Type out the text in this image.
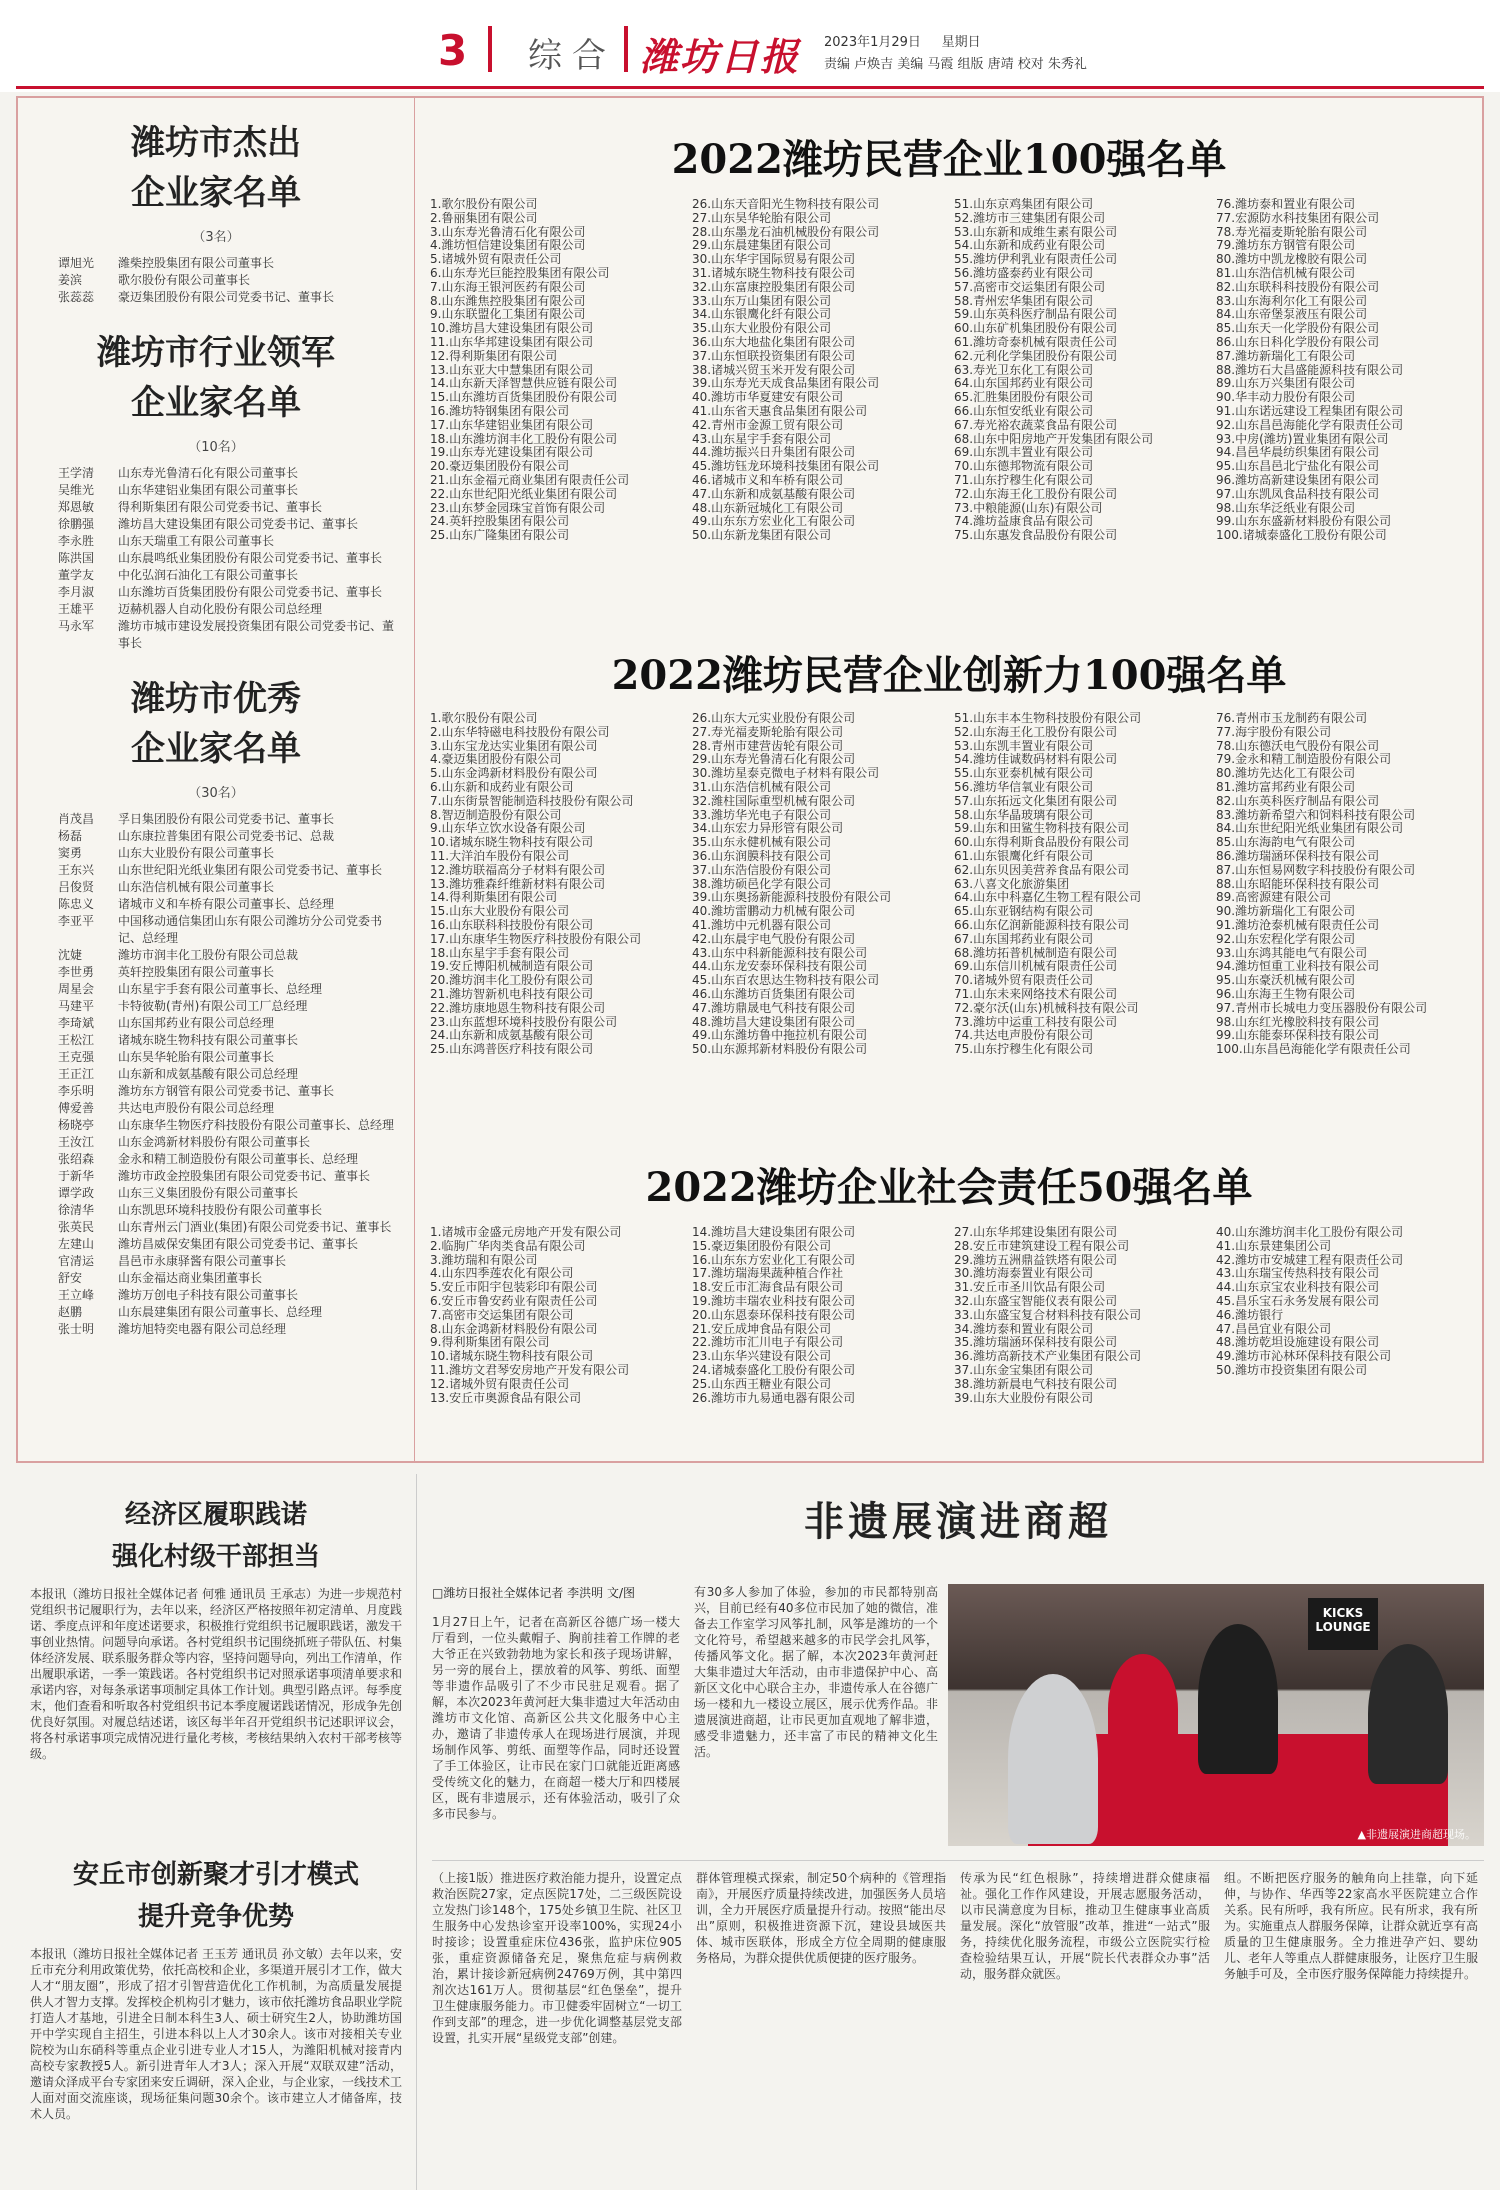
3 综合 潍坊日报 2023年1月29日 星期日
责编 卢焕吉 美编 马霞 组版 唐靖 校对 朱秀礼
潍坊市杰出
企业家名单
（3名）
谭旭光 潍柴控股集团有限公司董事长
姜滨	歌尔股份有限公司董事长
张蕊蕊 豪迈集团股份有限公司党委书记、董事长
潍坊市行业领军
企业家名单
（10名）
王学清 山东寿光鲁清石化有限公司董事长
吴维光 山东华建铝业集团有限公司董事长
郑恩敏 得利斯集团有限公司党委书记、董事长
徐鹏强 潍坊昌大建设集团有限公司党委书记、董事长
李永胜 山东天瑞重工有限公司董事长
陈洪国 山东晨鸣纸业集团股份有限公司党委书记、董事长
董学友 中化弘润石油化工有限公司董事长
李月淑 山东潍坊百货集团股份有限公司党委书记、董事长
王雄平 迈赫机器人自动化股份有限公司总经理
马永军 潍坊市城市建设发展投资集团有限公司党委书记、董事长
潍坊市优秀
企业家名单
（30名）
肖茂昌 孚日集团股份有限公司党委书记、董事长
杨磊	山东康拉普集团有限公司党委书记、总裁
窦勇	山东大业股份有限公司董事长
王东兴 山东世纪阳光纸业集团有限公司党委书记、董事长
吕俊贤 山东浩信机械有限公司董事长
陈忠义 诸城市义和车桥有限公司董事长、总经理
李亚平 中国移动通信集团山东有限公司潍坊分公司党委书记、总经理
沈婕	潍坊市润丰化工股份有限公司总裁
李世勇 英轩控股集团有限公司董事长
周星会 山东星宇手套有限公司董事长、总经理
马建平 卡特彼勒(青州)有限公司工厂总经理
李琦斌 山东国邦药业有限公司总经理
王松江 诸城东晓生物科技有限公司董事长
王克强 山东昊华轮胎有限公司董事长
王正江 山东新和成氨基酸有限公司总经理
李乐明 潍坊东方钢管有限公司党委书记、董事长
傅爱善 共达电声股份有限公司总经理
杨晓亭 山东康华生物医疗科技股份有限公司董事长、总经理
王汝江 山东金鸿新材料股份有限公司董事长
张绍森 金永和精工制造股份有限公司董事长、总经理
于新华 潍坊市政金控股集团有限公司党委书记、董事长
谭学政 山东三义集团股份有限公司董事长
徐清华 山东凯思环境科技股份有限公司董事长
张英民 山东青州云门酒业(集团)有限公司党委书记、董事长
左建山 潍坊昌威保安集团有限公司党委书记、董事长
官清运 昌邑市永康驿酱有限公司董事长
舒安	山东金福达商业集团董事长
王立峰 潍坊万创电子科技有限公司董事长
赵鹏	山东晨建集团有限公司董事长、总经理
张士明 潍坊旭特奕电器有限公司总经理
2022潍坊民营企业100强名单
1.歌尔股份有限公司
2.鲁丽集团有限公司
3.山东寿光鲁清石化有限公司
4.潍坊恒信建设集团有限公司
5.诸城外贸有限责任公司
6.山东寿光巨能控股集团有限公司
7.山东海王银河医药有限公司
8.山东潍焦控股集团有限公司
9.山东联盟化工集团有限公司
10.潍坊昌大建设集团有限公司
11.山东华邦建设集团有限公司
12.得利斯集团有限公司
13.山东亚大中慧集团有限公司
14.山东新天泽智慧供应链有限公司
15.山东潍坊百货集团股份有限公司
16.潍坊特钢集团有限公司
17.山东华建铝业集团有限公司
18.山东潍坊润丰化工股份有限公司
19.山东寿光建设集团有限公司
20.豪迈集团股份有限公司
21.山东金福元商业集团有限责任公司
22.山东世纪阳光纸业集团有限公司
23.山东梦金园珠宝首饰有限公司
24.英轩控股集团有限公司
25.山东广隆集团有限公司
26.山东天音阳光生物科技有限公司
27.山东昊华轮胎有限公司
28.山东墨龙石油机械股份有限公司
29.山东晨建集团有限公司
30.山东华宇国际贸易有限公司
31.诸城东晓生物科技有限公司
32.山东富康控股集团有限公司
33.山东万山集团有限公司
34.山东银鹰化纤有限公司
35.山东大业股份有限公司
36.山东大地盐化集团有限公司
37.山东恒联投资集团有限公司
38.诸城兴贸玉米开发有限公司
39.山东寿光天成食品集团有限公司
40.潍坊市华夏建安有限公司
41.山东省天惠食品集团有限公司
42.青州市金源工贸有限公司
43.山东星宇手套有限公司
44.潍坊振兴日升集团有限公司
45.潍坊钰龙环境科技集团有限公司
46.诸城市义和车桥有限公司
47.山东新和成氨基酸有限公司
48.山东新冠城化工有限公司
49.山东东方宏业化工有限公司
50.山东新龙集团有限公司
51.山东京鸡集团有限公司
52.潍坊市三建集团有限公司
53.山东新和成维生素有限公司
54.山东新和成药业有限公司
55.潍坊伊利乳业有限责任公司
56.潍坊盛泰药业有限公司
57.高密市交运集团有限公司
58.青州宏华集团有限公司
59.山东英科医疗制品有限公司
60.山东矿机集团股份有限公司
61.潍坊奇泰机械有限责任公司
62.元利化学集团股份有限公司
63.寿光卫东化工有限公司
64.山东国邦药业有限公司
65.汇胜集团股份有限公司
66.山东恒安纸业有限公司
67.寿光裕农蔬菜食品有限公司
68.山东中阳房地产开发集团有限公司
69.山东凯丰置业有限公司
70.山东德邦物流有限公司
71.山东拧穆生化有限公司
72.山东海王化工股份有限公司
73.中粮能源(山东)有限公司
74.潍坊益康食品有限公司
75.山东惠发食品股份有限公司
76.潍坊泰和置业有限公司
77.宏源防水科技集团有限公司
78.寿光福麦斯轮胎有限公司
79.潍坊东方钢管有限公司
80.潍坊中凯龙橡胶有限公司
81.山东浩信机械有限公司
82.山东联科科技股份有限公司
83.山东海利尔化工有限公司
84.山东帝堡泵液压有限公司
85.山东天一化学股份有限公司
86.山东日科化学股份有限公司
87.潍坊新瑞化工有限公司
88.潍坊石大昌盛能源科技有限公司
89.山东万兴集团有限公司
90.华丰动力股份有限公司
91.山东诺远建设工程集团有限公司
92.山东昌邑海能化学有限责任公司
93.中房(潍坊)置业集团有限公司
94.昌邑华晨纺织集团有限公司
95.山东昌邑北宁盐化有限公司
96.潍坊高新建设集团有限公司
97.山东凯凤食品科技有限公司
98.山东华泛纸业有限公司
99.山东东盛新材料股份有限公司
100.诸城泰盛化工股份有限公司
2022潍坊民营企业创新力100强名单
1.歌尔股份有限公司
2.山东华特磁电科技股份有限公司
3.山东宝龙达实业集团有限公司
4.豪迈集团股份有限公司
5.山东金鸿新材料股份有限公司
6.山东新和成药业有限公司
7.山东街景智能制造科技股份有限公司
8.智迈制造股份有限公司
9.山东华立饮水设备有限公司
10.诸城东晓生物科技有限公司
11.大洋泊车股份有限公司
12.潍坊联福高分子材料有限公司
13.潍坊雅森纤维新材料有限公司
14.得利斯集团有限公司
15.山东大业股份有限公司
16.山东联科科技股份有限公司
17.山东康华生物医疗科技股份有限公司
18.山东星宇手套有限公司
19.安丘博阳机械制造有限公司
20.潍坊润丰化工股份有限公司
21.潍坊智新机电科技有限公司
22.潍坊康地恩生物科技有限公司
23.山东蓝想环境科技股份有限公司
24.山东新和成氨基酸有限公司
25.山东鸿普医疗科技有限公司
26.山东大元实业股份有限公司
27.寿光福麦斯轮胎有限公司
28.青州市建营齿轮有限公司
29.山东寿光鲁清石化有限公司
30.潍坊星泰克微电子材料有限公司
31.山东浩信机械有限公司
32.潍柱国际重型机械有限公司
33.潍坊华光电子有限公司
34.山东宏力异形管有限公司
35.山东永健机械有限公司
36.山东润膜科技有限公司
37.山东浩信股份有限公司
38.潍坊硕邑化学有限公司
39.山东奥扬新能源科技股份有限公司
40.潍坊雷鹏动力机械有限公司
41.潍坊中元机器有限公司
42.山东晨宇电气股份有限公司
43.山东中科新能源科技有限公司
44.山东龙安泰环保科技有限公司
45.山东百农思达生物科技有限公司
46.山东潍坊百货集团有限公司
47.潍坊鼎晟电气科技有限公司
48.潍坊昌大建设集团有限公司
49.山东潍坊鲁中拖拉机有限公司
50.山东源邦新材料股份有限公司
51.山东丰本生物科技股份有限公司
52.山东海王化工股份有限公司
53.山东凯丰置业有限公司
54.潍坊佳诚数码材料有限公司
55.山东亚泰机械有限公司
56.潍坊华信氧业有限公司
57.山东拓远文化集团有限公司
58.山东华晶玻璃有限公司
59.山东和田鲨生物科技有限公司
60.山东得利斯食品股份有限公司
61.山东银鹰化纤有限公司
62.山东贝因美营养食品有限公司
63.八喜文化旅游集团
64.山东中科嘉亿生物工程有限公司
65.山东亚钢结构有限公司
66.山东亿润新能源科技有限公司
67.山东国邦药业有限公司
68.潍坊拓普机械制造有限公司
69.山东信川机械有限责任公司
70.诸城外贸有限责任公司
71.山东未来网络技术有限公司
72.豪尔沃(山东)机械科技有限公司
73.潍坊中运重工科技有限公司
74.共达电声股份有限公司
75.山东拧穆生化有限公司
76.青州市玉龙制药有限公司
77.海宇股份有限公司
78.山东德沃电气股份有限公司
79.金永和精工制造股份有限公司
80.潍坊先达化工有限公司
81.潍坊富邦药业有限公司
82.山东英科医疗制品有限公司
83.潍坊新希望六和饲料科技有限公司
84.山东世纪阳光纸业集团有限公司
85.山东海韵电气有限公司
86.潍坊瑞涵环保科技有限公司
87.山东恒易网数字科技股份有限公司
88.山东昭能环保科技有限公司
89.高密源建有限公司
90.潍坊新瑞化工有限公司
91.潍坊沧泰机械有限责任公司
92.山东宏程化学有限公司
93.山东鸿其能电气有限公司
94.潍坊恒重工业科技有限公司
95.山东豪沃机械有限公司
96.山东海王生物有限公司
97.青州市长城电力变压器股份有限公司
98.山东红光橡胶科技有限公司
99.山东能泰环保科技有限公司
100.山东昌邑海能化学有限责任公司
2022潍坊企业社会责任50强名单
1.诸城市金盛元房地产开发有限公司
2.临朐广华肉类食品有限公司
3.潍坊瑞和有限公司
4.山东四季莲农化有限公司
5.安丘市阳宇包装彩印有限公司
6.安丘市鲁安药业有限责任公司
7.高密市交运集团有限公司
8.山东金鸿新材料股份有限公司
9.得利斯集团有限公司
10.诸城东晓生物科技有限公司
11.潍坊文君琴安房地产开发有限公司
12.诸城外贸有限责任公司
13.安丘市奥源食品有限公司
14.潍坊昌大建设集团有限公司
15.豪迈集团股份有限公司
16.山东东方宏业化工有限公司
17.潍坊瑞海果蔬种植合作社
18.安丘市汇海食品有限公司
19.潍坊丰瑞农业科技有限公司
20.山东恩泰环保科技有限公司
21.安丘成坤食品有限公司
22.潍坊市汇川电子有限公司
23.山东华兴建设有限公司
24.诸城泰盛化工股份有限公司
25.山东西王糖业有限公司
26.潍坊市九易通电器有限公司
27.山东华邦建设集团有限公司
28.安丘市建筑建设工程有限公司
29.潍坊五洲鼎益铁塔有限公司
30.潍坊海泰置业有限公司
31.安丘市圣川饮品有限公司
32.山东盛宝智能仪表有限公司
33.山东盛宝复合材料科技有限公司
34.潍坊泰和置业有限公司
35.潍坊瑞涵环保科技有限公司
36.潍坊高新技术产业集团有限公司
37.山东金宝集团有限公司
38.潍坊新晨电气科技有限公司
39.山东大业股份有限公司
40.山东潍坊润丰化工股份有限公司
41.山东景建集团公司
42.潍坊市安城建工程有限责任公司
43.山东瑞宝传热科技有限公司
44.山东京宝农业科技有限公司
45.昌乐宝石永务发展有限公司
46.潍坊银行
47.昌邑宜业有限公司
48.潍坊乾坦设施建设有限公司
49.潍坊市沁林环保科技有限公司
50.潍坊市投资集团有限公司
经济区履职践诺
强化村级干部担当
本报讯（潍坊日报社全媒体记者 何雅 通讯员 王承志）为进一步规范村党组织书记履职行为，去年以来，经济区严格按照年初定清单、月度践诺、季度点评和年度述诺要求，积极推行党组织书记履职践诺，激发干事创业热情。问题导向承诺。各村党组织书记围绕抓班子带队伍、村集体经济发展、联系服务群众等内容，坚持问题导向，列出工作清单，作出履职承诺，一季一策践诺。各村党组织书记对照承诺事项清单要求和承诺内容，对每条承诺事项制定具体工作计划。典型引路点评。每季度末，他们查看和听取各村党组织书记本季度履诺践诺情况，形成争先创优良好氛围。对履总结述诺，该区每半年召开党组织书记述职评议会，将各村承诺事项完成情况进行量化考核，考核结果纳入农村干部考核等级。
安丘市创新聚才引才模式
提升竞争优势
本报讯（潍坊日报社全媒体记者 王玉芳 通讯员 孙文敏）去年以来，安丘市充分利用政策优势，依托高校和企业，多渠道开展引才工作，做大人才“朋友圈”，形成了招才引智营造优化工作机制，为高质量发展提供人才智力支撑。发挥校企机构引才魅力，该市依托潍坊食品职业学院打造人才基地，引进全日制本科生3人、硕士研究生2人，协助潍坊国开中学实现自主招生，引进本科以上人才30余人。该市对接相关专业院校为山东硝科等重点企业引进专业人才15人，为潍阳机械对接青内高校专家教授5人。新引进青年人才3人；深入开展“双联双建”活动，邀请众泽成平台专家团来安丘调研，深入企业，与企业家，一线技术工人面对面交流座谈，现场征集问题30余个。该市建立人才储备库，技术人员。
非遗展演进商超
□潍坊日报社全媒体记者 李洪明 文/图
1月27日上午，记者在高新区谷德广场一楼大厅看到，一位头戴帽子、胸前挂着工作牌的老大爷正在兴致勃勃地为家长和孩子现场讲解，另一旁的展台上，摆放着的风筝、剪纸、面塑等非遗作品吸引了不少市民驻足观看。据了解，本次2023年黄河赶大集非遗过大年活动由潍坊市文化馆、高新区公共文化服务中心主办，邀请了非遗传承人在现场进行展演，并现场制作风筝、剪纸、面塑等作品，同时还设置了手工体验区，让市民在家门口就能近距离感受传统文化的魅力，在商超一楼大厅和四楼展区，既有非遗展示，还有体验活动，吸引了众多市民参与。
有30多人参加了体验，参加的市民都特别高兴，目前已经有40多位市民加了她的微信，准备去工作室学习风筝扎制，风筝是潍坊的一个文化符号，希望越来越多的市民学会扎风筝，传播风筝文化。据了解，本次2023年黄河赶大集非遗过大年活动，由市非遗保护中心、高新区文化中心联合主办，非遗传承人在谷德广场一楼和九一楼设立展区，展示优秀作品。非遗展演进商超，让市民更加直观地了解非遗，感受非遗魅力，还丰富了市民的精神文化生活。
KICKS LOUNGE
▲非遗展演进商超现场。
（上接1版）推进医疗救治能力提升，设置定点救治医院27家，定点医院17处，二三级医院设立发热门诊148个，175处乡镇卫生院、社区卫生服务中心发热诊室开设率100%，实现24小时接诊；设置重症床位436张，监护床位905张，重症资源储备充足，聚焦危症与病例救治，累计接诊新冠病例24769万例，其中第四剂次达161万人。贯彻基层“红色堡垒”，提升卫生健康服务能力。市卫健委牢固树立“一切工作到支部”的理念，进一步优化调整基层党支部设置，扎实开展“星级党支部”创建。
群体管理模式探索，制定50个病种的《管理指南》，开展医疗质量持续改进，加强医务人员培训，全力开展医疗质量提升行动。按照“能出尽出”原则，积极推进资源下沉，建设县域医共体、城市医联体，形成全方位全周期的健康服务格局，为群众提供优质便捷的医疗服务。
传承为民“红色根脉”，持续增进群众健康福祉。强化工作作风建设，开展志愿服务活动，以市民满意度为目标，推动卫生健康事业高质量发展。深化“放管服”改革，推进“一站式”服务，持续优化服务流程，市级公立医院实行检查检验结果互认，开展“院长代表群众办事”活动，服务群众就医。
组。不断把医疗服务的触角向上挂靠，向下延伸，与协作、华西等22家高水平医院建立合作关系。民有所呼，我有所应。民有所求，我有所为。实施重点人群服务保障，让群众就近享有高质量的卫生健康服务。全力推进孕产妇、婴幼儿、老年人等重点人群健康服务，让医疗卫生服务触手可及，全市医疗服务保障能力持续提升。
